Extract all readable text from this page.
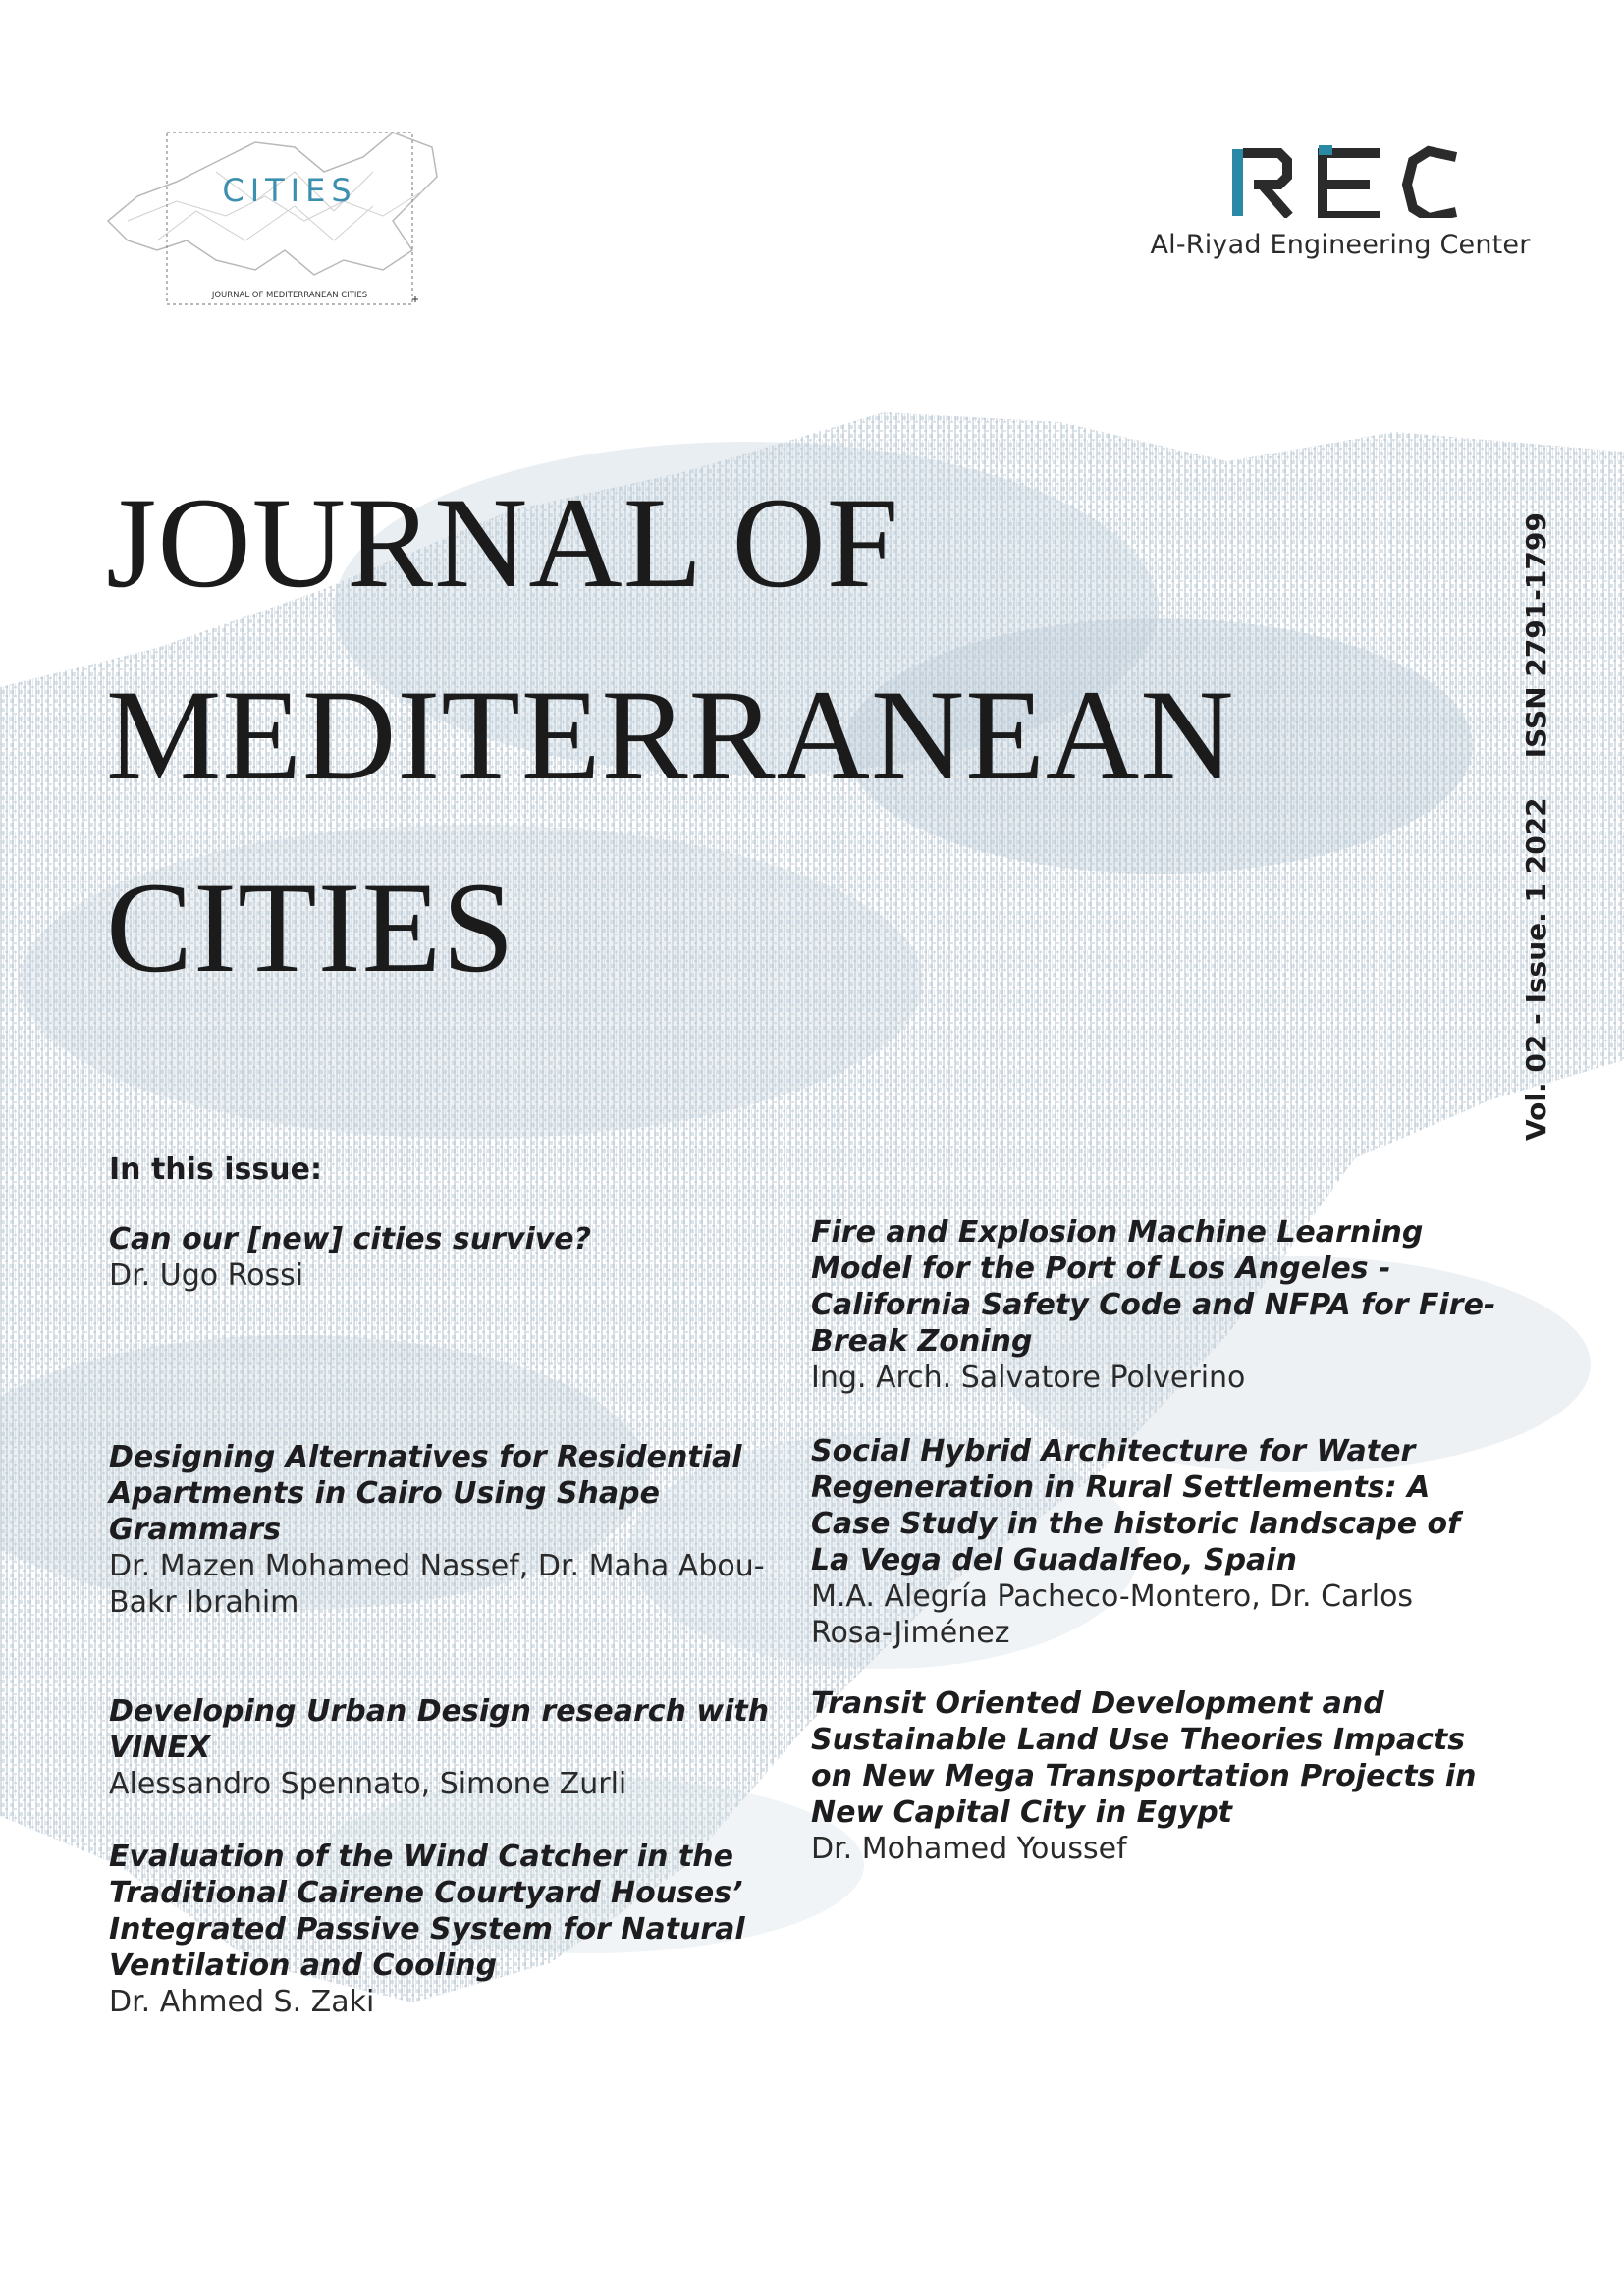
CITIES
JOURNAL OF MEDITERRANEAN CITIES
Al-Riyad Engineering Center
JOURNAL OF
MEDITERRANEAN
CITIES	Vol. 02 - Issue. 1 2022ISSN 2791-1799
In this issue:
Can our [new] cities survive?
Dr. Ugo Rossi
Designing Alternatives for Residential Apartments in Cairo Using Shape Grammars
Dr. Mazen Mohamed Nassef, Dr. Maha Abou-Bakr Ibrahim
Developing Urban Design research with VINEX
Alessandro Spennato, Simone Zurli
Evaluation of the Wind Catcher in the Traditional Cairene Courtyard Houses’ Integrated Passive System for Natural Ventilation and Cooling
Dr. Ahmed S. Zaki
Fire and Explosion Machine Learning Model for the Port of Los Angeles - California Safety Code and NFPA for Fire-Break Zoning
Ing. Arch. Salvatore Polverino
Social Hybrid Architecture for Water Regeneration in Rural Settlements: A Case Study in the historic landscape of La Vega del Guadalfeo, Spain
M.A. Alegría Pacheco-Montero, Dr. Carlos Rosa-Jiménez
Transit Oriented Development and Sustainable Land Use Theories Impacts on New Mega Transportation Projects in New Capital City in Egypt
Dr. Mohamed Youssef
